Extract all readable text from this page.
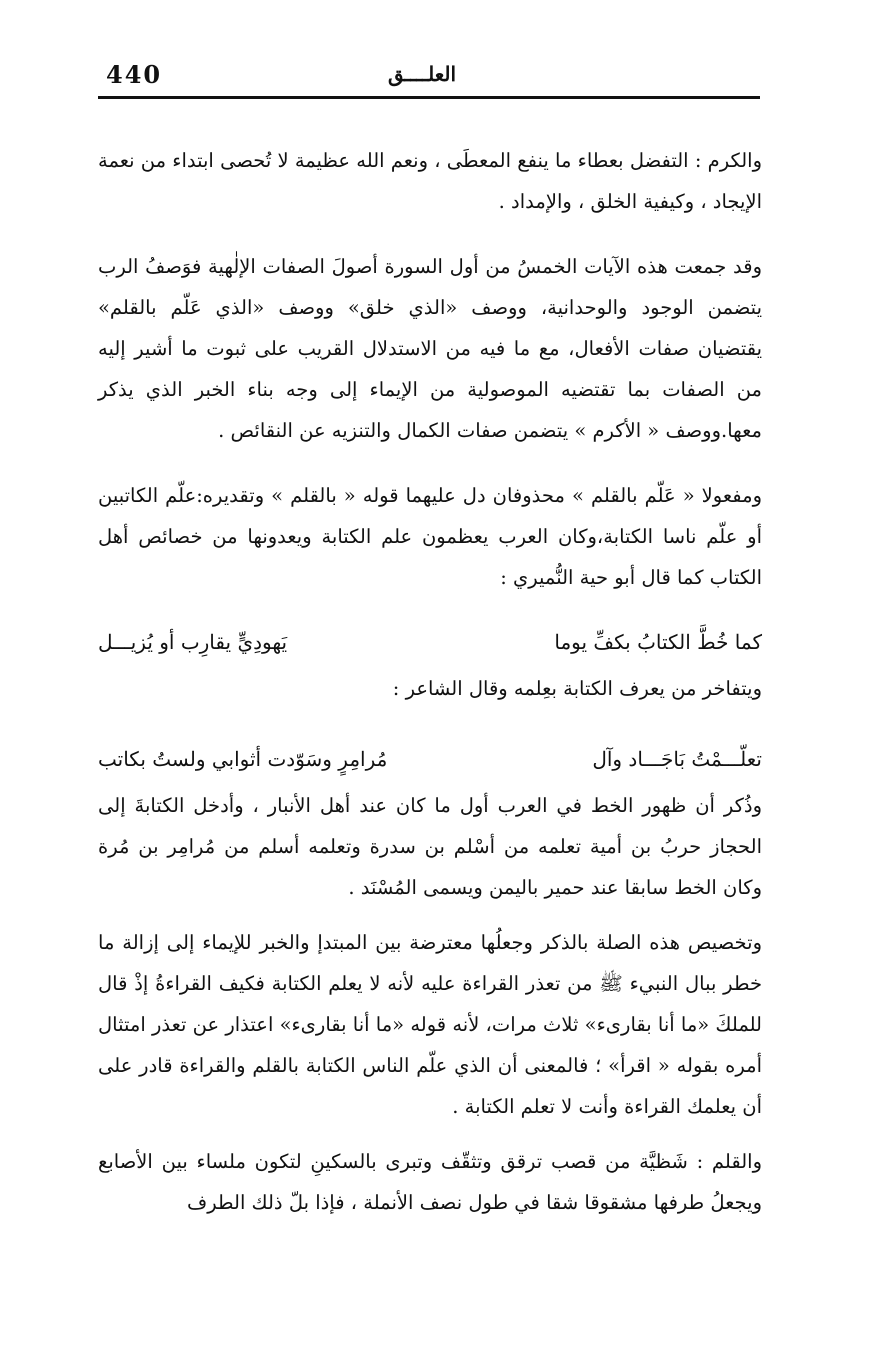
440	العلــــق

والكرم : التفضل بعطاء ما ينفع المعطَى ، ونعم الله عظيمة لا تُحصى ابتداء من نعمة الإيجاد ، وكيفية الخلق ، والإمداد .

وقد جمعت هذه الآيات الخمسُ من أول السورة أصولَ الصفات الإلٰهية فوَصفُ الرب يتضمن الوجود والوحدانية، ووصف «الذي خلق» ووصف «الذي عَلّم بالقلم» يقتضيان صفات الأفعال، مع ما فيه من الاستدلال القريب على ثبوت ما أشير إليه من الصفات بما تقتضيه الموصولية من الإيماء إلى وجه بناء الخبر الذي يذكر معها.ووصف « الأكرم » يتضمن صفات الكمال والتنزيه عن النقائص .

ومفعولا « عَلّم بالقلم » محذوفان دل عليهما قوله « بالقلم » وتقديره:علّم الكاتبين أو علّم ناسا الكتابة،وكان العرب يعظمون علم الكتابة ويعدونها من خصائص أهل الكتاب كما قال أبو حية النُّميري :

كما خُطَّ الكتابُ بكفِّ يوما
يَهودِيٍّ يقارِب أو يُزيـــل

ويتفاخر من يعرف الكتابة بعِلمه وقال الشاعر :

تعلّـــمْتُ بَاجَـــاد وآل
مُرامِرٍ وسَوّدت أثوابي ولستُ بكاتب

وذُكر أن ظهور الخط في العرب أول ما كان عند أهل الأنبار ، وأدخل الكتابةَ إلى الحجاز حربُ بن أمية تعلمه من أسْلم بن سدرة وتعلمه أسلم من مُرامِر بن مُرة وكان الخط سابقا عند حمير باليمن ويسمى المُسْنَد .

وتخصيص هذه الصلة بالذكر وجعلُها معترضة بين المبتدإ والخبر للإيماء إلى إزالة ما خطر ببال النبيء ﷺ من تعذر القراءة عليه لأنه لا يعلم الكتابة فكيف القراءةُ إذْ قال للملكَ «ما أنا بقارىء» ثلاث مرات، لأنه قوله «ما أنا بقارىء» اعتذار عن تعذر امتثال أمره بقوله « اقرأ» ؛ فالمعنى أن الذي علّم الناس الكتابة بالقلم والقراءة قادر على أن يعلمك القراءة وأنت لا تعلم الكتابة .

والقلم : شَظيَّة من قصب ترقق وتثقّف وتبرى بالسكينِ لتكون ملساء بين الأصابع ويجعلُ طرفها مشقوقا شقا في طول نصف الأنملة ، فإذا بلّ ذلك الطرف
